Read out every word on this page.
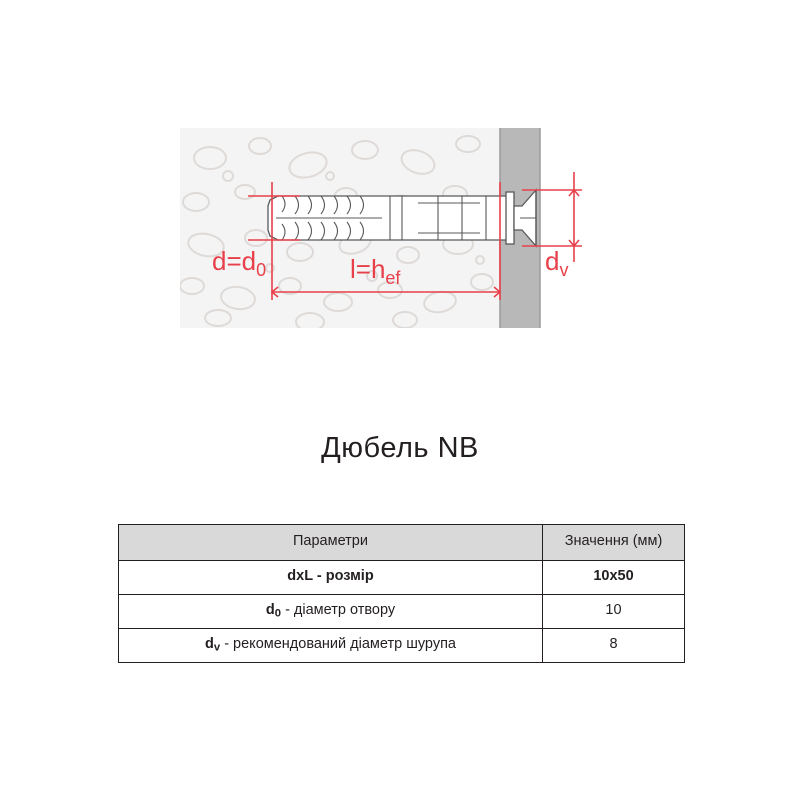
$d=d_0$	$l=h_{ef}$
$d_v$
Дюбель NB
Параметри	Значення (мм)
dxL - розмір	10x50
$d_0$ - діаметр отвору	10
$d_v$ - рекомендований діаметр шурупа	8
